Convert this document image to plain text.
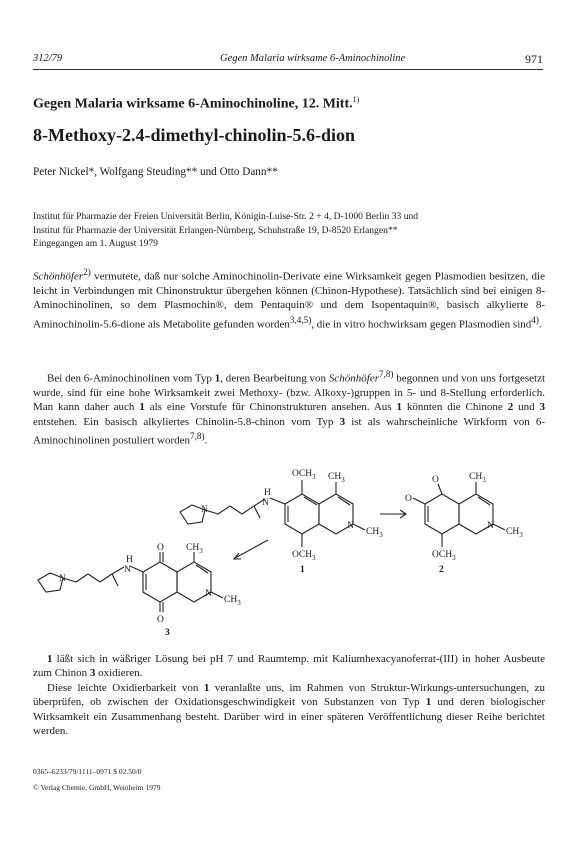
312/79	Gegen Malaria wirksame 6-Aminochinoline	971
Gegen Malaria wirksame 6-Aminochinoline, 12. Mitt.$^{1)}$
8-Methoxy-2.4-dimethyl-chinolin-5.6-dion
Peter Nickel*, Wolfgang Steuding** und Otto Dann**
Institut für Pharmazie der Freien Universität Berlin, Königin-Luise-Str. 2 + 4, D-1000 Berlin 33 und
Institut für Pharmazie der Universität Erlangen-Nürnberg, Schuhstraße 19, D-8520 Erlangen**
Eingegangen am 1. August 1979

Schönhöfer$^{2)}$ vermutete, daß nur solche Aminochinolin-Derivate eine Wirksamkeit gegen Plasmodien besitzen, die leicht in Verbindungen mit Chinonstruktur übergehen können (Chinon-Hypothese). Tatsächlich sind bei einigen 8-Aminochinolinen, so dem Plasmochin®, dem Pentaquin® und dem Isopentaquin®, basisch alkylierte 8-Aminochinolin-5.6-dione als Metabolite gefunden worden$^{3,4,5)}$, die in vitro hochwirksam gegen Plasmodien sind$^{4)}$.

Bei den 6-Aminochinolinen vom Typ 1, deren Bearbeitung von Schönhöfer$^{7,8)}$ begonnen und von uns fortgesetzt wurde, sind für eine hohe Wirksamkeit zwei Methoxy- (bzw. Alkoxy-)gruppen in 5- und 8-Stellung erforderlich. Man kann daher auch 1 als eine Vorstufe für Chinonstrukturen ansehen. Aus 1 könnten die Chinone 2 und 3 entstehen. Ein basisch alkyliertes Chinolin-5.8-chinon vom Typ 3 ist als wahrscheinliche Wirkform von 6-Aminochinolinen postuliert worden$^{7,8)}$.

$OCH_3$ $CH_3$
H
N
N
N
$CH_3$
$OCH_3$
1
O
O
$CH_3$
N
$CH_3$
$OCH_3$
2
H
N
N
O
O
$CH_3$
N
$CH_3$
3

1 läßt sich in wäßriger Lösung bei pH 7 und Raumtemp. mit Kaliumhexacyanoferrat-(III) in hoher Ausbeute zum Chinon 3 oxidieren.

Diese leichte Oxidierbarkeit von 1 veranlaßte uns, im Rahmen von Struktur-Wirkungs-untersuchungen, zu überprüfen, ob zwischen der Oxidationsgeschwindigkeit von Substanzen von Typ 1 und deren biologischer Wirksamkeit ein Zusammenhang besteht. Darüber wird in einer späteren Veröffentlichung dieser Reihe berichtet werden.

0365–6233/79/1111–0971 $ 02.50/0
© Verlag Chemie, GmbH, Weinheim 1979
